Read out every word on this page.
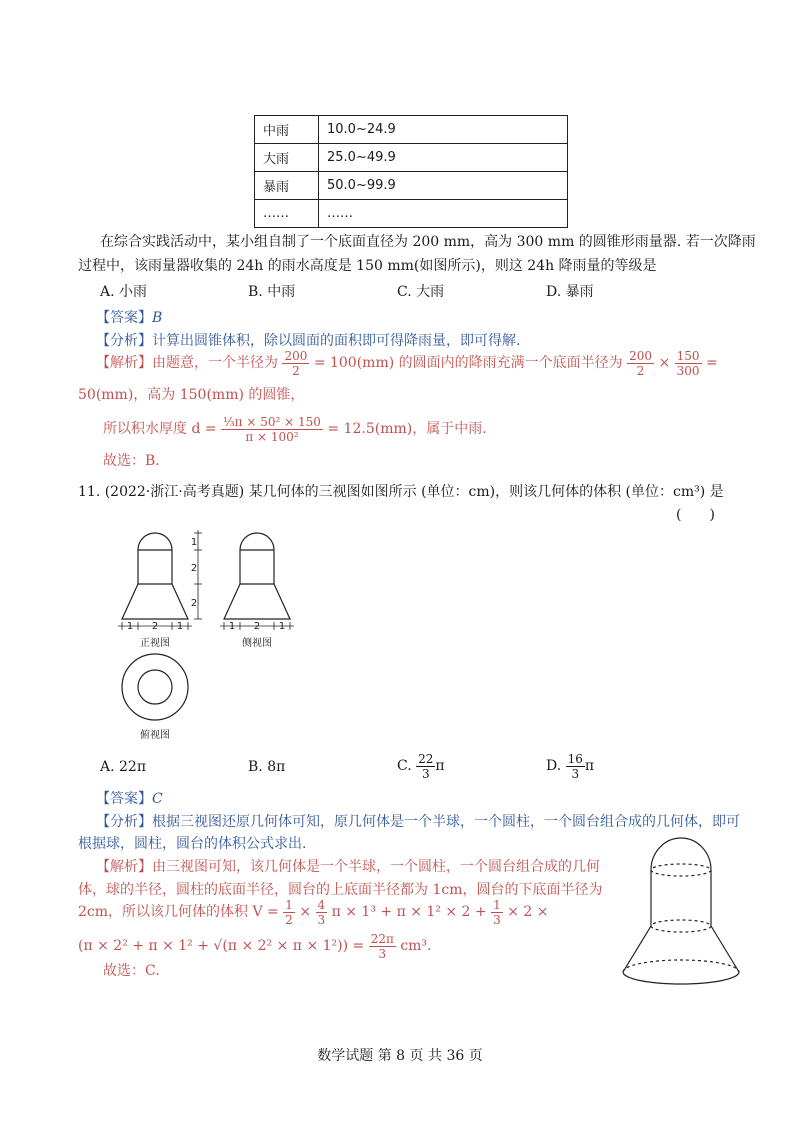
中雨	10.0~24.9
大雨	25.0~49.9
暴雨	50.0~99.9
……	……
在综合实践活动中，某小组自制了一个底面直径为 200 mm，高为 300 mm 的圆锥形雨量器. 若一次降雨
过程中，该雨量器收集的 24h 的雨水高度是 150 mm(如图所示)，则这 24h 降雨量的等级是
A. 小雨	B. 中雨	C. 大雨	D. 暴雨
【答案】B
【分析】计算出圆锥体积，除以圆面的面积即可得降雨量，即可得解.
【解析】由题意，一个半径为 $\frac{200}{2} = 100(mm)$ 的圆面内的降雨充满一个底面半径为 $\frac{200}{2} \times \frac{150}{300}$ =
50(mm)，高为 150(mm) 的圆锥，
所以积水厚度 $d = \frac{\text{⅓π × 50² × 150}}{\text{π × 100²}} = 12.5(mm)$，属于中雨.
故选：B.
11. (2022·浙江·高考真题) 某几何体的三视图如图所示 (单位：cm)，则该几何体的体积 (单位：cm³) 是
(　　)
1
2
2
1 2 1	1 2 1
正视图	侧视图
俯视图
A. 22π	B. 8π	C. $\frac{22}{3}$ π	D. $\frac{16}{3}$ π
【答案】C
【分析】根据三视图还原几何体可知，原几何体是一个半球，一个圆柱，一个圆台组合成的几何体，即可
根据球，圆柱，圆台的体积公式求出.
【解析】由三视图可知，该几何体是一个半球，一个圆柱，一个圆台组合成的几何
体，球的半径，圆柱的底面半径，圆台的上底面半径都为 1cm，圆台的下底面半径为
2cm，所以该几何体的体积 $V = \frac{1}{2} \times \frac{4}{3}$ $\pi \times 1^3 + \pi \times 1^2 \times 2 + \frac{1}{3} \times 2$ ×
$(\pi \times 2^2 + \pi \times 1^2 + √(\pi \times 2^2 \times \pi \times 1^2)) = \frac{22\pi}{3} cm^3$.
故选：C.
数学试题 第 8 页 共 36 页
